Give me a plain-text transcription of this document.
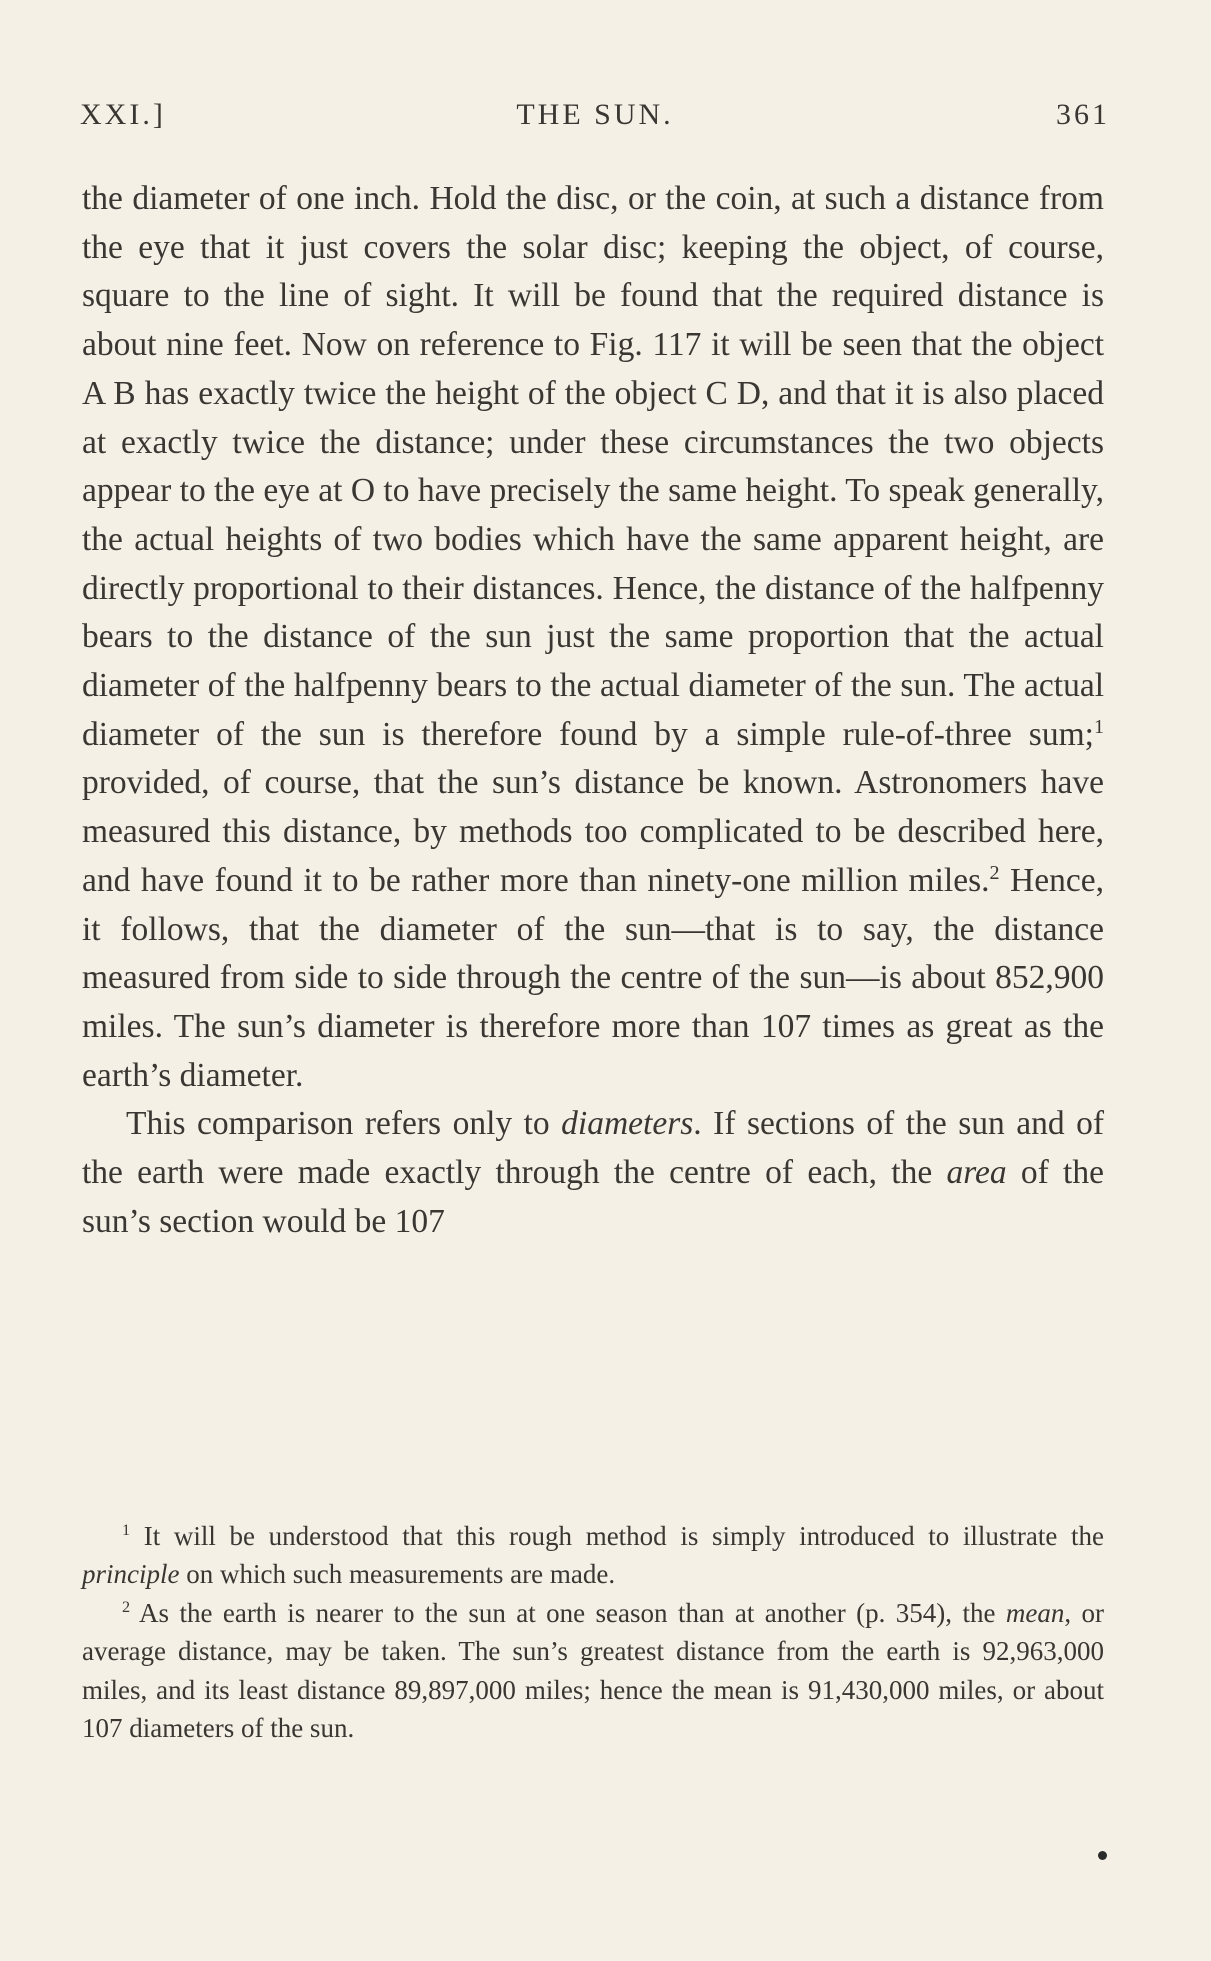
XXI.]	THE SUN.	361

the diameter of one inch. Hold the disc, or the coin, at such a distance from the eye that it just covers the solar disc; keeping the object, of course, square to the line of sight. It will be found that the required distance is about nine feet. Now on reference to Fig. 117 it will be seen that the object A B has exactly twice the height of the object C D, and that it is also placed at exactly twice the distance; under these circumstances the two objects appear to the eye at O to have precisely the same height. To speak generally, the actual heights of two bodies which have the same apparent height, are directly proportional to their distances. Hence, the distance of the halfpenny bears to the distance of the sun just the same proportion that the actual diameter of the halfpenny bears to the actual diameter of the sun. The actual diameter of the sun is therefore found by a simple rule-of-three sum;$^1$ provided, of course, that the sun’s distance be known. Astronomers have measured this distance, by methods too complicated to be described here, and have found it to be rather more than ninety-one million miles.$^2$ Hence, it follows, that the diameter of the sun—that is to say, the distance measured from side to side through the centre of the sun—is about 852,900 miles. The sun’s diameter is therefore more than 107 times as great as the earth’s diameter.

This comparison refers only to diameters. If sections of the sun and of the earth were made exactly through the centre of each, the area of the sun’s section would be 107

$^1$ It will be understood that this rough method is simply introduced to illustrate the principle on which such measurements are made.

$^2$ As the earth is nearer to the sun at one season than at another (p. 354), the mean, or average distance, may be taken. The sun’s greatest distance from the earth is 92,963,000 miles, and its least distance 89,897,000 miles; hence the mean is 91,430,000 miles, or about 107 diameters of the sun.
